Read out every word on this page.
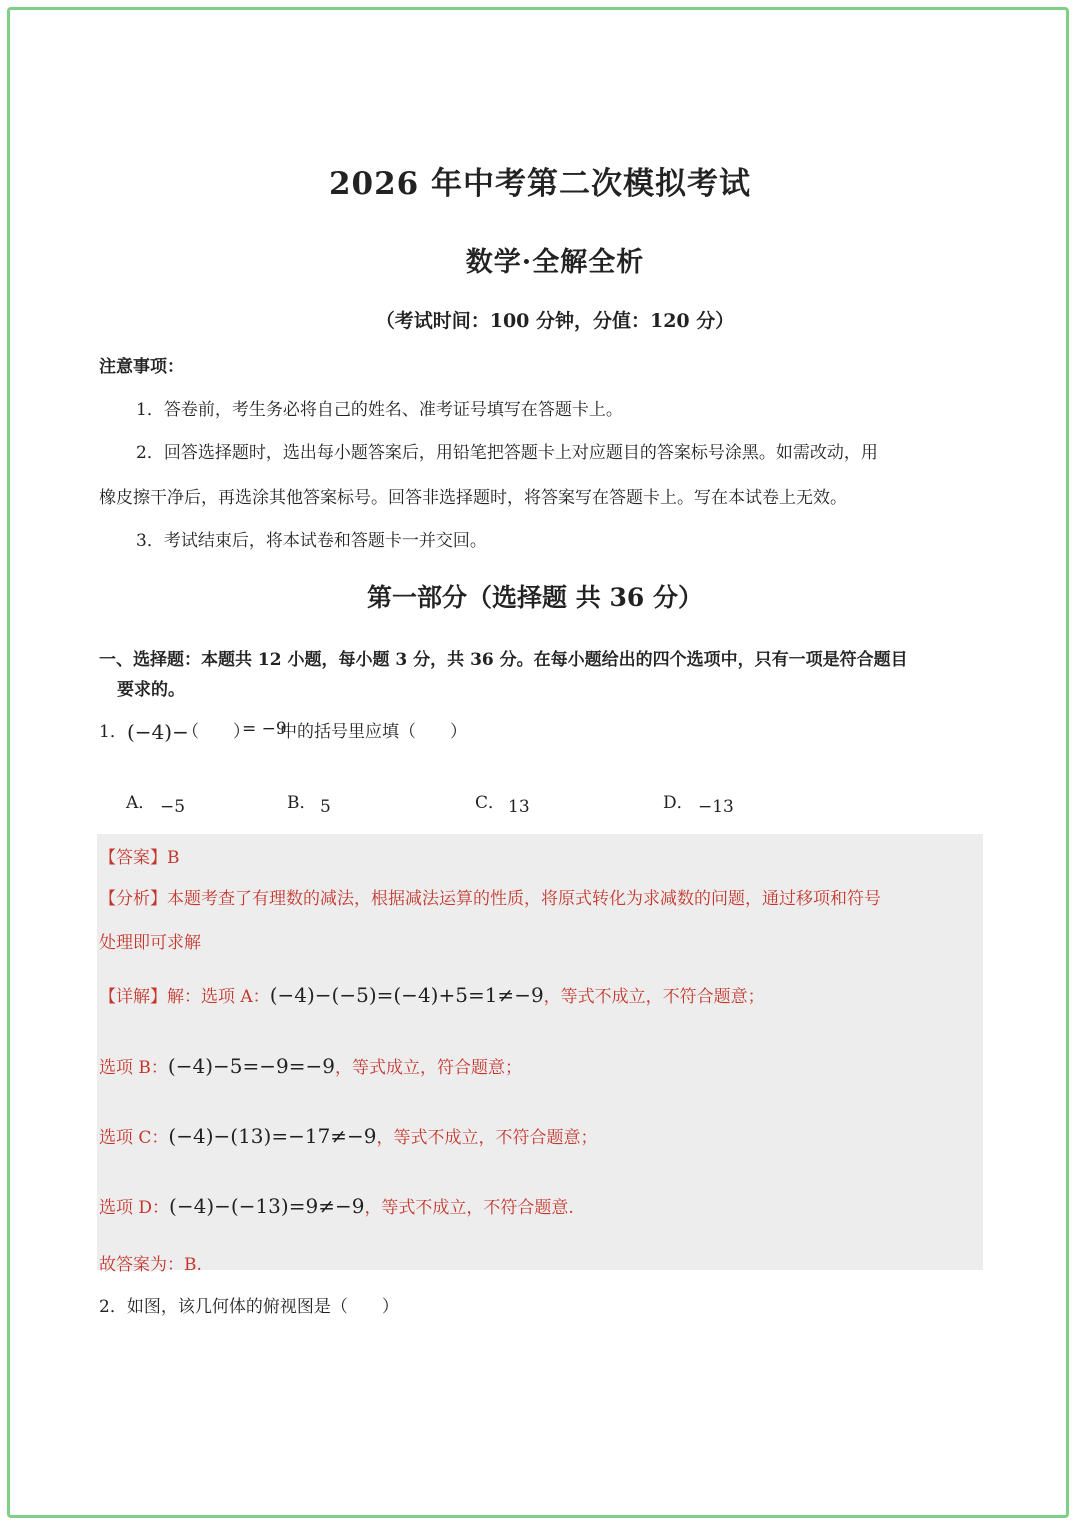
2026 年中考第二次模拟考试
数学·全解全析
（考试时间：100 分钟，分值：120 分）
注意事项：
1．答卷前，考生务必将自己的姓名、准考证号填写在答题卡上。
2．回答选择题时，选出每小题答案后，用铅笔把答题卡上对应题目的答案标号涂黑。如需改动，用
橡皮擦干净后，再选涂其他答案标号。回答非选择题时，将答案写在答题卡上。写在本试卷上无效。
3．考试结束后，将本试卷和答题卡一并交回。
第一部分（选择题 共 36 分）
一、选择题：本题共 12 小题，每小题 3 分，共 36 分。在每小题给出的四个选项中，只有一项是符合题目
要求的。
1． (−4)−
（　　）
= −9
中的括号里应填（　　）
A． −5	B． 5	C． 13	D． −13
【答案】B
【分析】本题考查了有理数的减法，根据减法运算的性质，将原式转化为求减数的问题，通过移项和符号
处理即可求解
【详解】解：选项 A：(−4)−(−5)=(−4)+5=1≠−9，等式不成立，不符合题意；
选项 B：(−4)−5=−9=−9，等式成立，符合题意；
选项 C：(−4)−(13)=−17≠−9，等式不成立，不符合题意；
选项 D：(−4)−(−13)=9≠−9，等式不成立，不符合题意.
故答案为：B.
2．如图，该几何体的俯视图是（　　）
